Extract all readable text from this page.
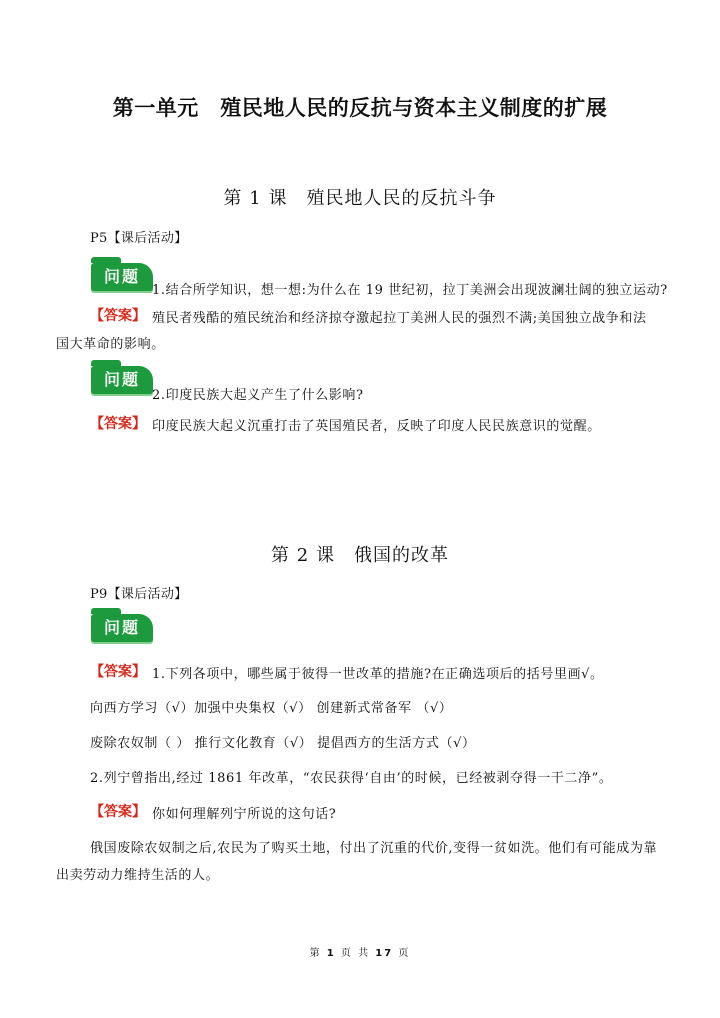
第一单元　殖民地人民的反抗与资本主义制度的扩展
第 1 课　殖民地人民的反抗斗争
P5【课后活动】
问题
1.结合所学知识，想一想:为什么在 19 世纪初，拉丁美洲会出现波澜壮阔的独立运动?
【答案】 殖民者残酷的殖民统治和经济掠夺激起拉丁美洲人民的强烈不满;美国独立战争和法
国大革命的影响。
问题
2.印度民族大起义产生了什么影响?
【答案】 印度民族大起义沉重打击了英国殖民者，反映了印度人民民族意识的觉醒。
第 2 课　俄国的改革
P9【课后活动】
问题
【答案】 1.下列各项中，哪些属于彼得一世改革的措施?在正确选项后的括号里画√。
向西方学习（√）加强中央集权（√） 创建新式常备军 （√）
废除农奴制（ ） 推行文化教育（√） 提倡西方的生活方式（√）
2.列宁曾指出,经过 1861 年改革，“农民获得‘自由’的时候，已经被剥夺得一干二净”。
【答案】 你如何理解列宁所说的这句话?
俄国废除农奴制之后,农民为了购买土地，付出了沉重的代价,变得一贫如洗。他们有可能成为靠
出卖劳动力维持生活的人。
第 1 页 共 17 页
